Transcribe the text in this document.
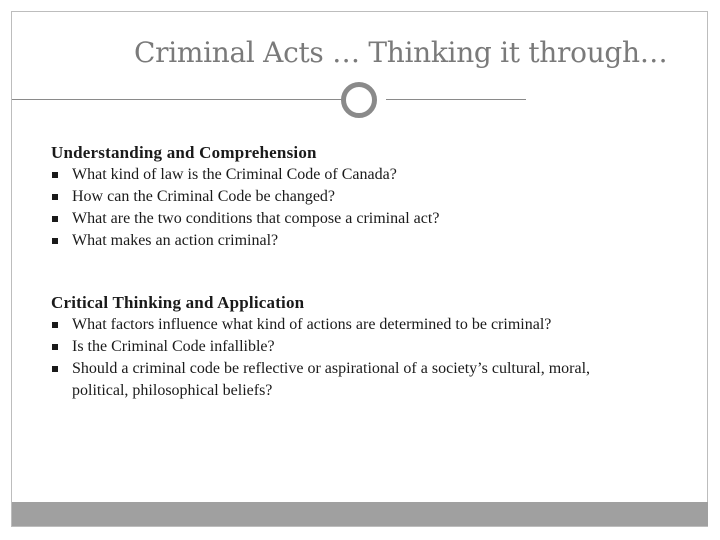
Criminal Acts … Thinking it through…
Understanding and Comprehension
What kind of law is the Criminal Code of Canada?
How can the Criminal Code be changed?
What are the two conditions that compose a criminal act?
What makes an action criminal?
Critical Thinking and Application
What factors influence what kind of actions are determined to be criminal?
Is the Criminal Code infallible?
Should a criminal code be reflective or aspirational of a society’s cultural, moral, political, philosophical beliefs?
